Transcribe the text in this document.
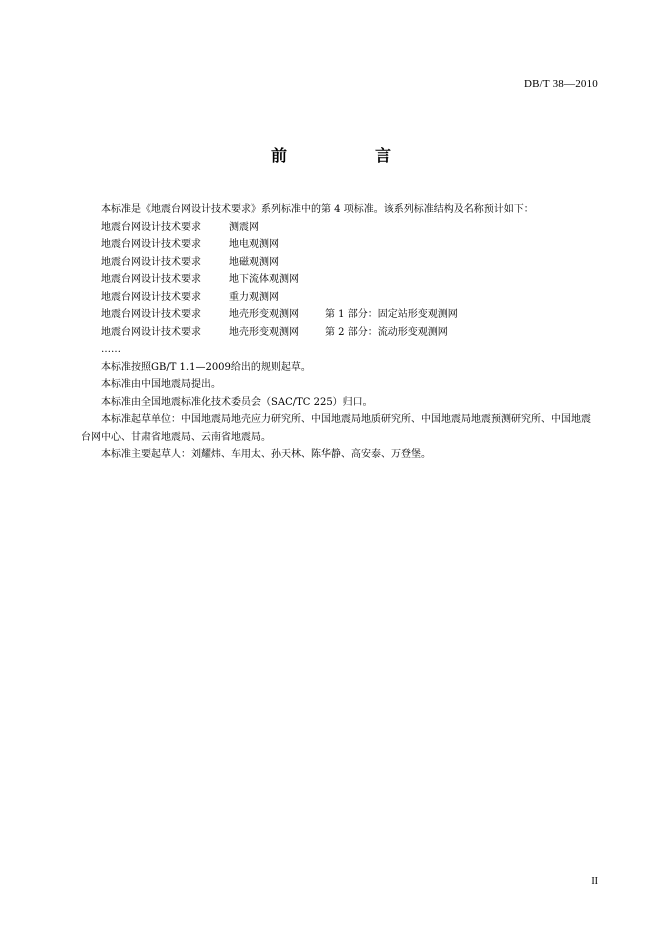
DB/T 38—2010
前　言

本标准是《地震台网设计技术要求》系列标准中的第 4 项标准。该系列标准结构及名称预计如下：

地震台网设计技术要求	测震网

地震台网设计技术要求	地电观测网

地震台网设计技术要求	地磁观测网

地震台网设计技术要求	地下流体观测网

地震台网设计技术要求	重力观测网

地震台网设计技术要求	地壳形变观测网	第 1 部分：固定站形变观测网

地震台网设计技术要求	地壳形变观测网	第 2 部分：流动形变观测网

……

本标准按照GB/T 1.1—2009给出的规则起草。

本标准由中国地震局提出。

本标准由全国地震标准化技术委员会（SAC/TC 225）归口。

本标准起草单位：中国地震局地壳应力研究所、中国地震局地质研究所、中国地震局地震预测研究所、中国地震台网中心、甘肃省地震局、云南省地震局。

本标准主要起草人：刘耀炜、车用太、孙天林、陈华静、高安泰、万登堡。

II
